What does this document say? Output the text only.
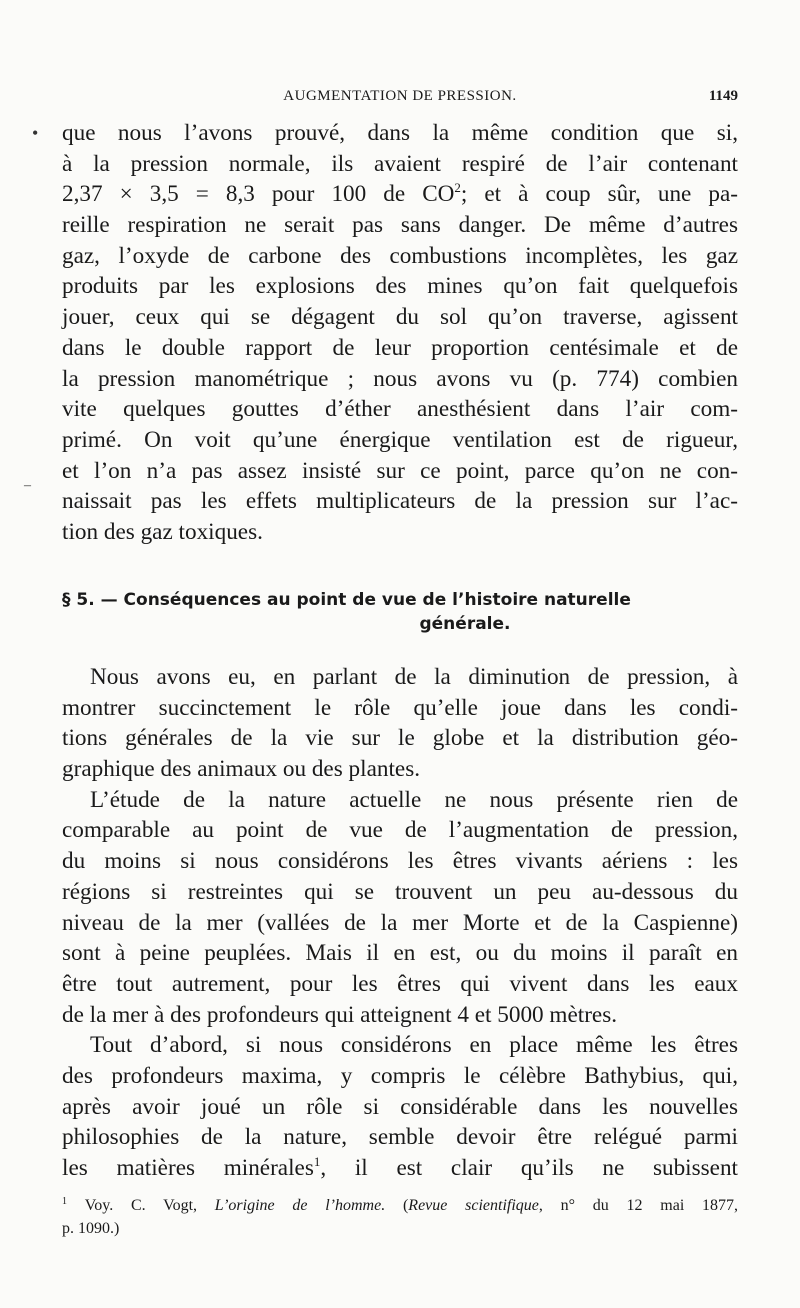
•
–
AUGMENTATION DE PRESSION.	1149
que nous l’avons prouvé, dans la même condition que si,
à la pression normale, ils avaient respiré de l’air contenant
2,37 × 3,5 = 8,3 pour 100 de $CO^2$; et à coup sûr, une pa-
reille respiration ne serait pas sans danger. De même d’autres
gaz, l’oxyde de carbone des combustions incomplètes, les gaz
produits par les explosions des mines qu’on fait quelquefois
jouer, ceux qui se dégagent du sol qu’on traverse, agissent
dans le double rapport de leur proportion centésimale et de
la pression manométrique ; nous avons vu (p. 774) combien
vite quelques gouttes d’éther anesthésient dans l’air com-
primé. On voit qu’une énergique ventilation est de rigueur,
et l’on n’a pas assez insisté sur ce point, parce qu’on ne con-
naissait pas les effets multiplicateurs de la pression sur l’ac-
tion des gaz toxiques.
§ 5. — Conséquences au point de vue de l’histoire naturelle
générale.
Nous avons eu, en parlant de la diminution de pression, à
montrer succinctement le rôle qu’elle joue dans les condi-
tions générales de la vie sur le globe et la distribution géo-
graphique des animaux ou des plantes.
L’étude de la nature actuelle ne nous présente rien de
comparable au point de vue de l’augmentation de pression,
du moins si nous considérons les êtres vivants aériens : les
régions si restreintes qui se trouvent un peu au-dessous du
niveau de la mer (vallées de la mer Morte et de la Caspienne)
sont à peine peuplées. Mais il en est, ou du moins il paraît en
être tout autrement, pour les êtres qui vivent dans les eaux
de la mer à des profondeurs qui atteignent 4 et 5000 mètres.
Tout d’abord, si nous considérons en place même les êtres
des profondeurs maxima, y compris le célèbre Bathybius, qui,
après avoir joué un rôle si considérable dans les nouvelles
philosophies de la nature, semble devoir être relégué parmi
les matières minérales$^1$, il est clair qu’ils ne subissent
$^1$ Voy. C. Vogt, L’origine de l’homme. (Revue scientifique, n° du 12 mai 1877,
p. 1090.)
